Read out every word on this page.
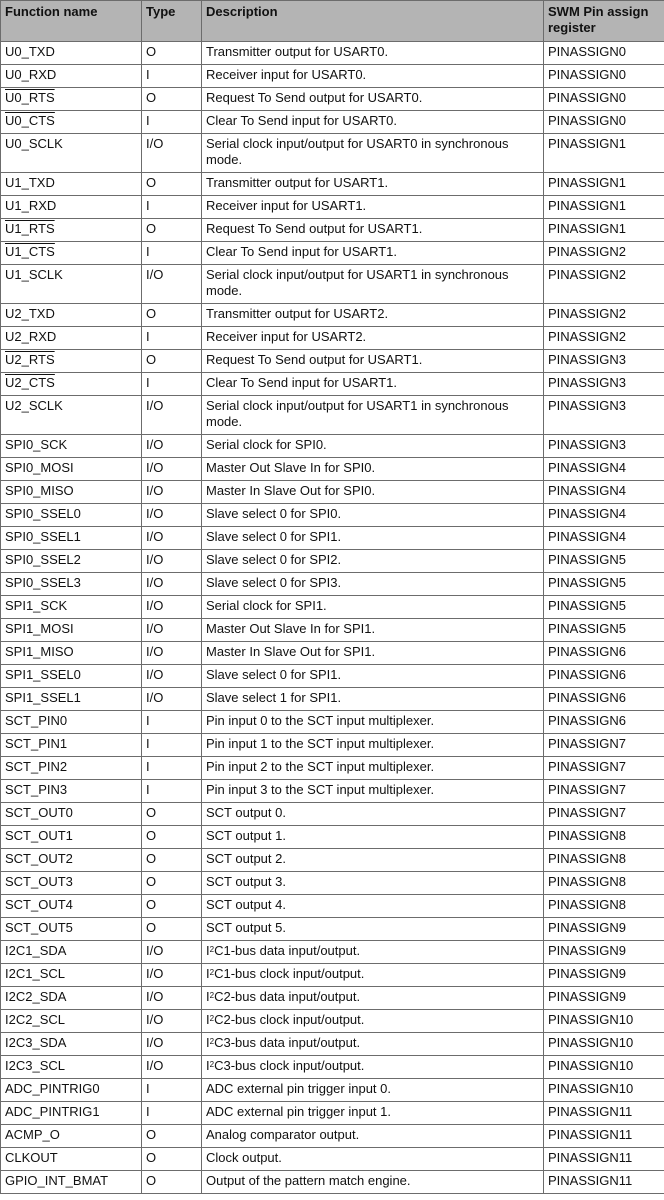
Function name	Type	Description	SWM Pin assign register
U0_TXD	O	Transmitter output for USART0.	PINASSIGN0
U0_RXD	I	Receiver input for USART0.	PINASSIGN0
U0_RTS	O	Request To Send output for USART0.	PINASSIGN0
U0_CTS	I	Clear To Send input for USART0.	PINASSIGN0
U0_SCLK	I/O	Serial clock input/output for USART0 in synchronous mode.	PINASSIGN1
U1_TXD	O	Transmitter output for USART1.	PINASSIGN1
U1_RXD	I	Receiver input for USART1.	PINASSIGN1
U1_RTS	O	Request To Send output for USART1.	PINASSIGN1
U1_CTS	I	Clear To Send input for USART1.	PINASSIGN2
U1_SCLK	I/O	Serial clock input/output for USART1 in synchronous mode.	PINASSIGN2
U2_TXD	O	Transmitter output for USART2.	PINASSIGN2
U2_RXD	I	Receiver input for USART2.	PINASSIGN2
U2_RTS	O	Request To Send output for USART1.	PINASSIGN3
U2_CTS	I	Clear To Send input for USART1.	PINASSIGN3
U2_SCLK	I/O	Serial clock input/output for USART1 in synchronous mode.	PINASSIGN3
SPI0_SCK	I/O	Serial clock for SPI0.	PINASSIGN3
SPI0_MOSI	I/O	Master Out Slave In for SPI0.	PINASSIGN4
SPI0_MISO	I/O	Master In Slave Out for SPI0.	PINASSIGN4
SPI0_SSEL0	I/O	Slave select 0 for SPI0.	PINASSIGN4
SPI0_SSEL1	I/O	Slave select 0 for SPI1.	PINASSIGN4
SPI0_SSEL2	I/O	Slave select 0 for SPI2.	PINASSIGN5
SPI0_SSEL3	I/O	Slave select 0 for SPI3.	PINASSIGN5
SPI1_SCK	I/O	Serial clock for SPI1.	PINASSIGN5
SPI1_MOSI	I/O	Master Out Slave In for SPI1.	PINASSIGN5
SPI1_MISO	I/O	Master In Slave Out for SPI1.	PINASSIGN6
SPI1_SSEL0	I/O	Slave select 0 for SPI1.	PINASSIGN6
SPI1_SSEL1	I/O	Slave select 1 for SPI1.	PINASSIGN6
SCT_PIN0	I	Pin input 0 to the SCT input multiplexer.	PINASSIGN6
SCT_PIN1	I	Pin input 1 to the SCT input multiplexer.	PINASSIGN7
SCT_PIN2	I	Pin input 2 to the SCT input multiplexer.	PINASSIGN7
SCT_PIN3	I	Pin input 3 to the SCT input multiplexer.	PINASSIGN7
SCT_OUT0	O	SCT output 0.	PINASSIGN7
SCT_OUT1	O	SCT output 1.	PINASSIGN8
SCT_OUT2	O	SCT output 2.	PINASSIGN8
SCT_OUT3	O	SCT output 3.	PINASSIGN8
SCT_OUT4	O	SCT output 4.	PINASSIGN8
SCT_OUT5	O	SCT output 5.	PINASSIGN9
I2C1_SDA	I/O	$I^2C1$-bus data input/output.	PINASSIGN9
I2C1_SCL	I/O	$I^2C1$-bus clock input/output.	PINASSIGN9
I2C2_SDA	I/O	$I^2C2$-bus data input/output.	PINASSIGN9
I2C2_SCL	I/O	$I^2C2$-bus clock input/output.	PINASSIGN10
I2C3_SDA	I/O	$I^2C3$-bus data input/output.	PINASSIGN10
I2C3_SCL	I/O	$I^2C3$-bus clock input/output.	PINASSIGN10
ADC_PINTRIG0	I	ADC external pin trigger input 0.	PINASSIGN10
ADC_PINTRIG1	I	ADC external pin trigger input 1.	PINASSIGN11
ACMP_O	O	Analog comparator output.	PINASSIGN11
CLKOUT	O	Clock output.	PINASSIGN11
GPIO_INT_BMAT	O	Output of the pattern match engine.	PINASSIGN11
